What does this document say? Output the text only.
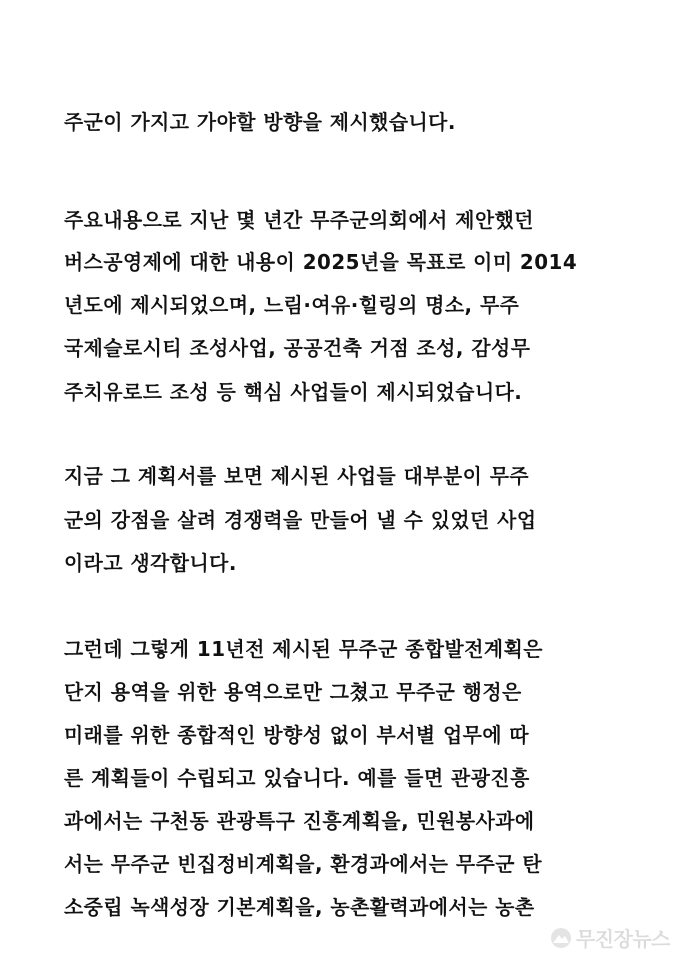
주군이 가지고 가야할 방향을 제시했습니다.
주요내용으로 지난 몇 년간 무주군의회에서 제안했던
버스공영제에 대한 내용이 2025년을 목표로 이미 2014
년도에 제시되었으며, 느림·여유·힐링의 명소, 무주
국제슬로시티 조성사업, 공공건축 거점 조성, 감성무
주치유로드 조성 등 핵심 사업들이 제시되었습니다.
지금 그 계획서를 보면 제시된 사업들 대부분이 무주
군의 강점을 살려 경쟁력을 만들어 낼 수 있었던 사업
이라고 생각합니다.
그런데 그렇게 11년전 제시된 무주군 종합발전계획은
단지 용역을 위한 용역으로만 그쳤고 무주군 행정은
미래를 위한 종합적인 방향성 없이 부서별 업무에 따
른 계획들이 수립되고 있습니다. 예를 들면 관광진흥
과에서는 구천동 관광특구 진흥계획을, 민원봉사과에
서는 무주군 빈집정비계획을, 환경과에서는 무주군 탄
소중립 녹색성장 기본계획을, 농촌활력과에서는 농촌
무진장뉴스
